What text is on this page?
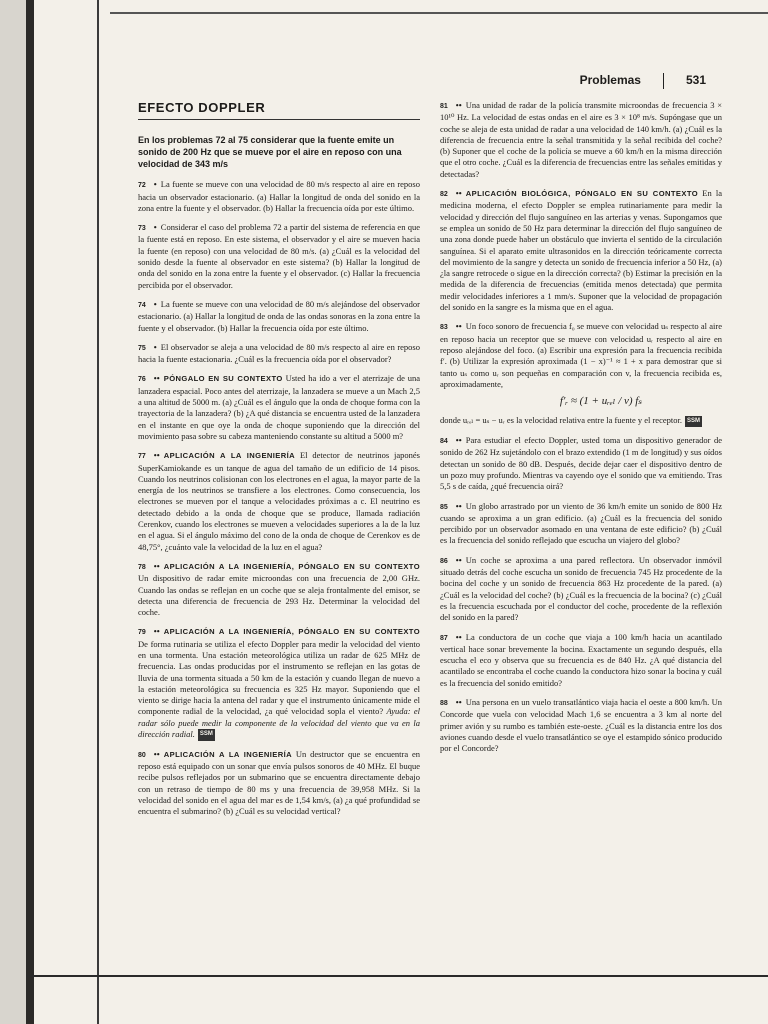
Problemas	531
EFECTO DOPPLER
En los problemas 72 al 75 considerar que la fuente emite un sonido de 200 Hz que se mueve por el aire en reposo con una velocidad de 343 m/s
72 • La fuente se mueve con una velocidad de 80 m/s respecto al aire en reposo hacia un observador estacionario. (a) Hallar la longitud de onda del sonido en la zona entre la fuente y el observador. (b) Hallar la frecuencia oída por este último.
73 • Considerar el caso del problema 72 a partir del sistema de referencia en que la fuente está en reposo. En este sistema, el observador y el aire se mueven hacia la fuente (en reposo) con una velocidad de 80 m/s. (a) ¿Cuál es la velocidad del sonido desde la fuente al observador en este sistema? (b) Hallar la longitud de onda del sonido en la zona entre la fuente y el observador. (c) Hallar la frecuencia percibida por el observador.
74 • La fuente se mueve con una velocidad de 80 m/s alejándose del observador estacionario. (a) Hallar la longitud de onda de las ondas sonoras en la zona entre la fuente y el observador. (b) Hallar la frecuencia oída por este último.
75 • El observador se aleja a una velocidad de 80 m/s respecto al aire en reposo hacia la fuente estacionaria. ¿Cuál es la frecuencia oída por el observador?
76 •• PÓNGALO EN SU CONTEXTO Usted ha ido a ver el aterrizaje de una lanzadera espacial. Poco antes del aterrizaje, la lanzadera se mueve a un Mach 2,5 a una altitud de 5000 m. (a) ¿Cuál es el ángulo que la onda de choque forma con la trayectoria de la lanzadera? (b) ¿A qué distancia se encuentra usted de la lanzadera en el instante en que oye la onda de choque suponiendo que la dirección del movimiento pasa sobre su cabeza manteniendo constante su altitud a 5000 m?
77 •• APLICACIÓN A LA INGENIERÍA El detector de neutrinos japonés SuperKamiokande es un tanque de agua del tamaño de un edificio de 14 pisos. Cuando los neutrinos colisionan con los electrones en el agua, la mayor parte de la energía de los neutrinos se transfiere a los electrones. Como consecuencia, los electrones se mueven por el tanque a velocidades próximas a c. El neutrino es detectado debido a la onda de choque que se produce, llamada radiación Cerenkov, cuando los electrones se mueven a velocidades superiores a la de la luz en el agua. Si el ángulo máximo del cono de la onda de choque de Cerenkov es de 48,75°, ¿cuánto vale la velocidad de la luz en el agua?
78 •• APLICACIÓN A LA INGENIERÍA, PÓNGALO EN SU CONTEXTO Un dispositivo de radar emite microondas con una frecuencia de 2,00 GHz. Cuando las ondas se reflejan en un coche que se aleja frontalmente del emisor, se detecta una diferencia de frecuencia de 293 Hz. Determinar la velocidad del coche.
79 •• APLICACIÓN A LA INGENIERÍA, PÓNGALO EN SU CONTEXTO De forma rutinaria se utiliza el efecto Doppler para medir la velocidad del viento en una tormenta. Una estación meteorológica utiliza un radar de 625 MHz de frecuencia. Las ondas producidas por el instrumento se reflejan en las gotas de lluvia de una tormenta situada a 50 km de la estación y cuando llegan de nuevo a la estación meteorológica su frecuencia es 325 Hz mayor. Suponiendo que el viento se dirige hacia la antena del radar y que el instrumento únicamente mide el componente radial de la velocidad, ¿a qué velocidad sopla el viento? Ayuda: el radar sólo puede medir la componente de la velocidad del viento que va en la dirección radial. SSM
80 •• APLICACIÓN A LA INGENIERÍA Un destructor que se encuentra en reposo está equipado con un sonar que envía pulsos sonoros de 40 MHz. El buque recibe pulsos reflejados por un submarino que se encuentra directamente debajo con un retraso de tiempo de 80 ms y una frecuencia de 39,958 MHz. Si la velocidad del sonido en el agua del mar es de 1,54 km/s, (a) ¿a qué profundidad se encuentra el submarino? (b) ¿Cuál es su velocidad vertical?
81 •• Una unidad de radar de la policía transmite microondas de frecuencia 3 × 10¹⁰ Hz. La velocidad de estas ondas en el aire es 3 × 10⁸ m/s. Supóngase que un coche se aleja de esta unidad de radar a una velocidad de 140 km/h. (a) ¿Cuál es la diferencia de frecuencia entre la señal transmitida y la señal recibida del coche? (b) Suponer que el coche de la policía se mueve a 60 km/h en la misma dirección que el otro coche. ¿Cuál es la diferencia de frecuencias entre las señales emitidas y detectadas?
82 •• APLICACIÓN BIOLÓGICA, PÓNGALO EN SU CONTEXTO En la medicina moderna, el efecto Doppler se emplea rutinariamente para medir la velocidad y dirección del flujo sanguíneo en las arterias y venas. Supongamos que se emplea un sonido de 50 Hz para determinar la dirección del flujo sanguíneo de una zona donde puede haber un obstáculo que invierta el sentido de la circulación sanguínea. Si el aparato emite ultrasonidos en la dirección teóricamente correcta del movimiento de la sangre y detecta un sonido de frecuencia inferior a 50 Hz, (a) ¿la sangre retrocede o sigue en la dirección correcta? (b) Estimar la precisión en la medida de la diferencia de frecuencias (emitida menos detectada) que permita medir velocidades inferiores a 1 mm/s. Suponer que la velocidad de propagación del sonido en la sangre es la misma que en el agua.
83 •• Un foco sonoro de frecuencia f₀ se mueve con velocidad uₛ respecto al aire en reposo hacia un receptor que se mueve con velocidad uᵣ respecto al aire en reposo alejándose del foco. (a) Escribir una expresión para la frecuencia recibida f′. (b) Utilizar la expresión aproximada (1 − x)⁻¹ ≈ 1 + x para demostrar que si tanto uₛ como uᵣ son pequeñas en comparación con v, la frecuencia recibida es, aproximadamente,
f′ᵣ ≈ (1 + uᵣₑₗ / v) fₛ
donde uᵣₑₗ = uₛ − uᵣ es la velocidad relativa entre la fuente y el receptor. SSM
84 •• Para estudiar el efecto Doppler, usted toma un dispositivo generador de sonido de 262 Hz sujetándolo con el brazo extendido (1 m de longitud) y sus oídos detectan un sonido de 80 dB. Después, decide dejar caer el dispositivo dentro de un pozo muy profundo. Mientras va cayendo oye el sonido que va emitiendo. Tras 5,5 s de caída, ¿qué frecuencia oirá?
85 •• Un globo arrastrado por un viento de 36 km/h emite un sonido de 800 Hz cuando se aproxima a un gran edificio. (a) ¿Cuál es la frecuencia del sonido percibido por un observador asomado en una ventana de este edificio? (b) ¿Cuál es la frecuencia del sonido reflejado que escucha un viajero del globo?
86 •• Un coche se aproxima a una pared reflectora. Un observador inmóvil situado detrás del coche escucha un sonido de frecuencia 745 Hz procedente de la bocina del coche y un sonido de frecuencia 863 Hz procedente de la pared. (a) ¿Cuál es la velocidad del coche? (b) ¿Cuál es la frecuencia de la bocina? (c) ¿Cuál es la frecuencia escuchada por el conductor del coche, procedente de la reflexión del sonido en la pared?
87 •• La conductora de un coche que viaja a 100 km/h hacia un acantilado vertical hace sonar brevemente la bocina. Exactamente un segundo después, ella escucha el eco y observa que su frecuencia es de 840 Hz. ¿A qué distancia del acantilado se encontraba el coche cuando la conductora hizo sonar la bocina y cuál es la frecuencia del sonido emitido?
88 •• Una persona en un vuelo transatlántico viaja hacia el oeste a 800 km/h. Un Concorde que vuela con velocidad Mach 1,6 se encuentra a 3 km al norte del primer avión y su rumbo es también este-oeste. ¿Cuál es la distancia entre los dos aviones cuando desde el vuelo transatlántico se oye el estampido sónico producido por el Concorde?
